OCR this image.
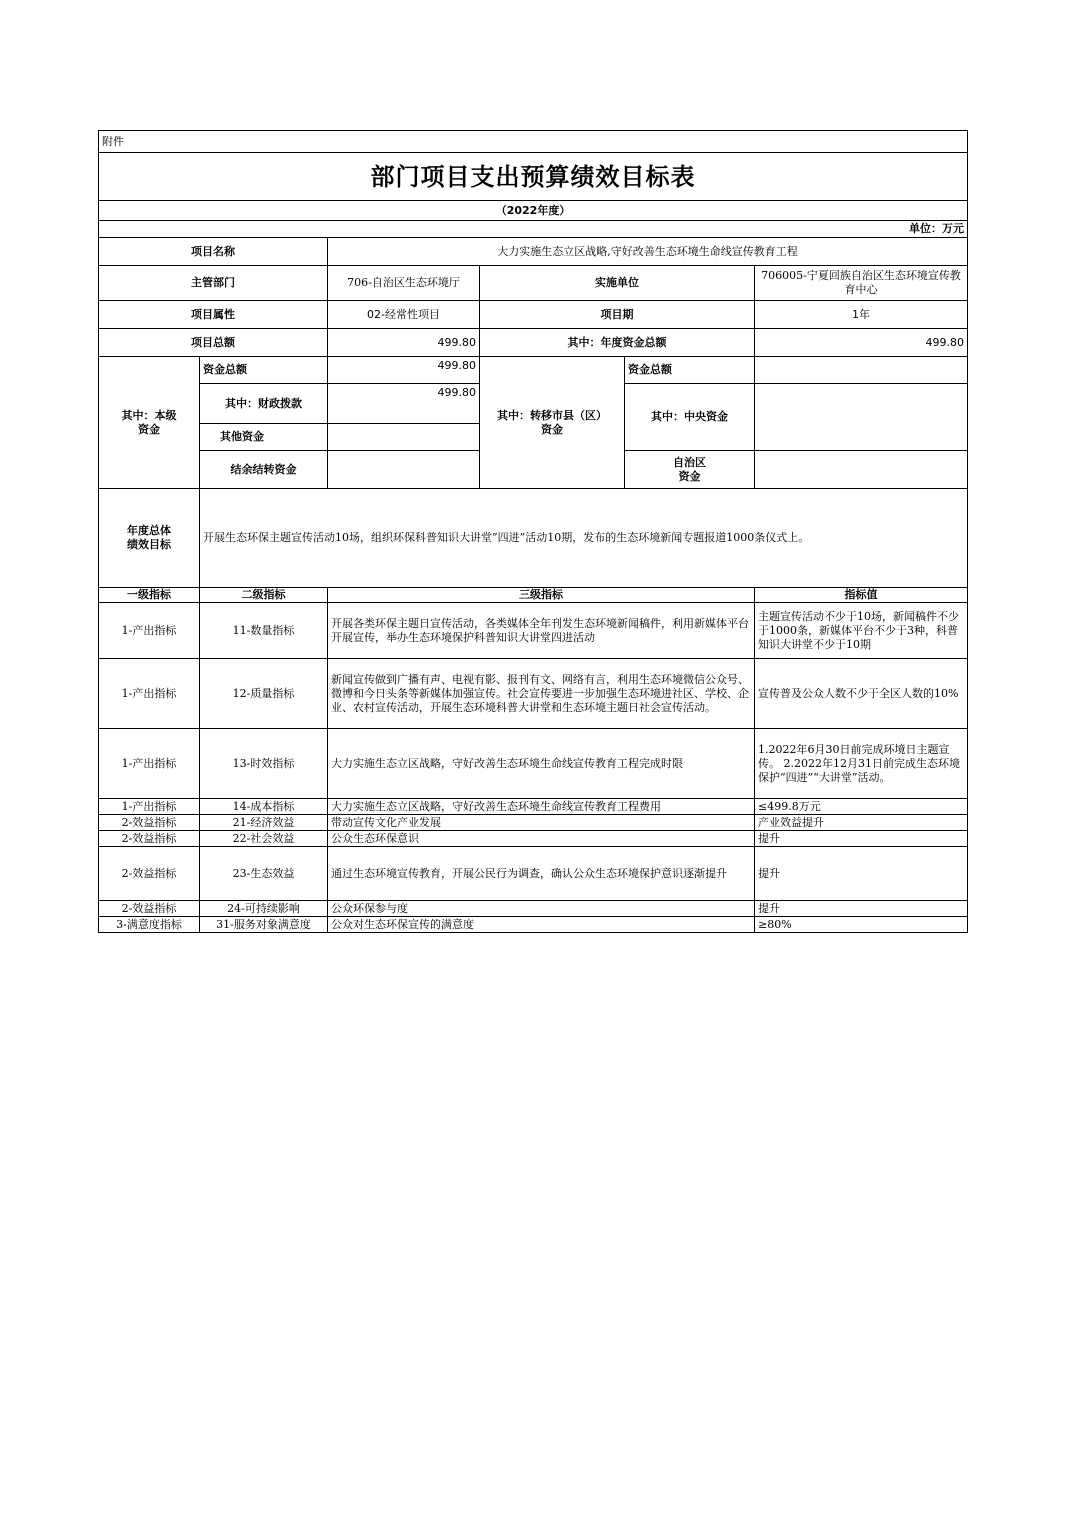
附件					
部门项目支出预算绩效目标表					
（2022年度）					
单位：万元					
项目名称		大力实施生态立区战略,守好改善生态环境生命线宣传教育工程			
主管部门		706-自治区生态环境厅	实施单位		706005-宁夏回族自治区生态环境宣传教育中心
项目属性		02-经常性项目	项目期		1年
项目总额		499.80	其中：年度资金总额		499.80

其中：本级资金	资金总额	499.80	其中：转移市县（区）资金	资金总额	
	其中：财政拨款	499.80		其中：中央资金	
	其他资金				
	结余结转资金			自治区资金	

年度总体绩效目标	开展生态环保主题宣传活动10场，组织环保科普知识大讲堂”四进”活动10期，发布的生态环境新闻专题报道1000条仪式上。				
一级指标	二级指标	三级指标			指标值
1-产出指标	11-数量指标	开展各类环保主题日宣传活动，各类媒体全年刊发生态环境新闻稿件，利用新媒体平台开展宣传，举办生态环境保护科普知识大讲堂四进活动			主题宣传活动不少于10场，新闻稿件不少于1000条，新媒体平台不少于3种，科普知识大讲堂不少于10期
1-产出指标	12-质量指标	新闻宣传做到广播有声、电视有影、报刊有文、网络有言，利用生态环境微信公众号、微博和今日头条等新媒体加强宣传。社会宣传要进一步加强生态环境进社区、学校、企业、农村宣传活动，开展生态环境科普大讲堂和生态环境主题日社会宣传活动。			宣传普及公众人数不少于全区人数的10%
1-产出指标	13-时效指标	大力实施生态立区战略，守好改善生态环境生命线宣传教育工程完成时限			1.2022年6月30日前完成环境日主题宣传。 2.2022年12月31日前完成生态环境保护“四进”“大讲堂”活动。
1-产出指标	14-成本指标	大力实施生态立区战略，守好改善生态环境生命线宣传教育工程费用			≤499.8万元
2-效益指标	21-经济效益	带动宣传文化产业发展			产业效益提升
2-效益指标	22-社会效益	公众生态环保意识			提升
2-效益指标	23-生态效益	通过生态环境宣传教育，开展公民行为调查，确认公众生态环境保护意识逐渐提升			提升
2-效益指标	24-可持续影响	公众环保参与度			提升
3-满意度指标	31-服务对象满意度	公众对生态环保宣传的满意度			≥80%
